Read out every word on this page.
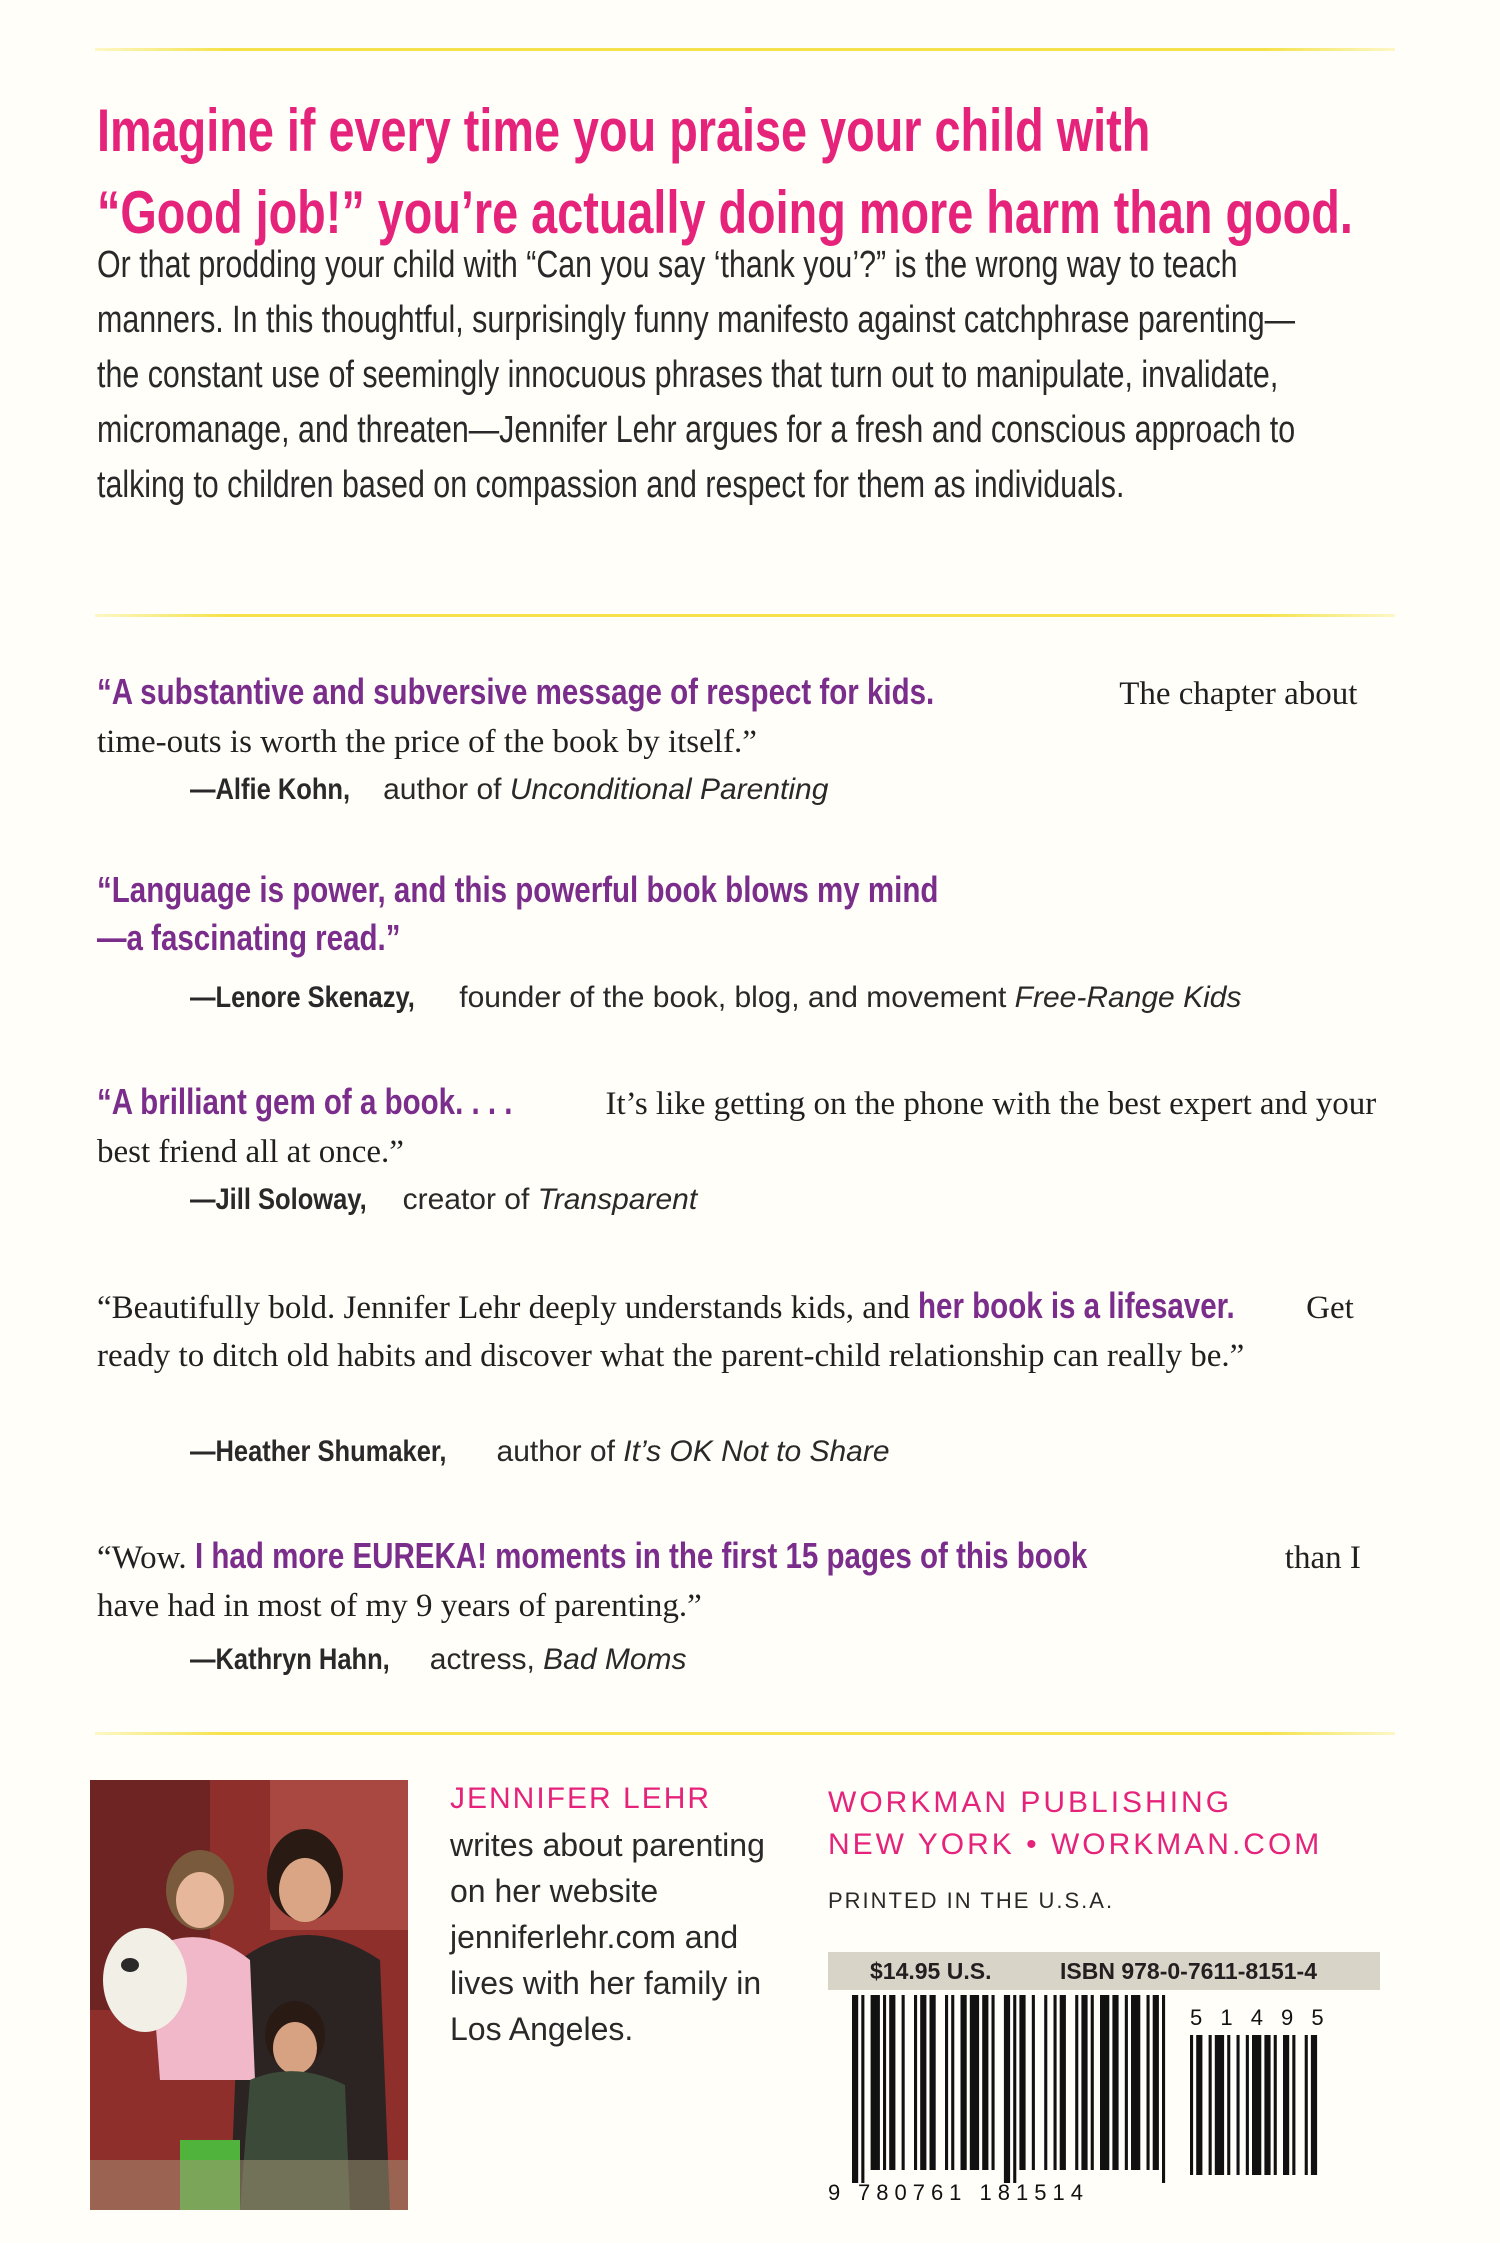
Imagine if every time you praise your child with
“Good job!” you’re actually doing more harm than good.

Or that prodding your child with “Can you say ‘thank you’?” is the wrong way to teach manners. In this thoughtful, surprisingly funny manifesto against catchphrase parenting—the constant use of seemingly innocuous phrases that turn out to manipulate, invalidate, micromanage, and threaten—Jennifer Lehr argues for a fresh and conscious approach to talking to children based on compassion and respect for them as individuals.

“A substantive and subversive message of respect for kids.	The chapter about time-outs is worth the price of the book by itself.”
—Alfie Kohn, author of Unconditional Parenting
“Language is power, and this powerful book blows my mind—a fascinating read.”
—Lenore Skenazy, founder of the book, blog, and movement Free-Range Kids
“A brilliant gem of a book. . . .	It’s like getting on the phone with the best expert and your best friend all at once.”
—Jill Soloway, creator of Transparent
“Beautifully bold. Jennifer Lehr deeply understands kids, and her book is a lifesaver. Get ready to ditch old habits and discover what the parent-child relationship can really be.”
—Heather Shumaker, author of It’s OK Not to Share
“Wow. I had more EUREKA! moments in the first 15 pages of this book	than I have had in most of my 9 years of parenting.”
—Kathryn Hahn, actress, Bad Moms
JENNIFER LEHR
writes about parenting on her website jenniferlehr.com and lives with her family in Los Angeles.
WORKMAN PUBLISHING
NEW YORK • WORKMAN.COM
PRINTED IN THE U.S.A.
$14.95 U.S.	ISBN 978-0-7611-8151-4
9 780761 181514
5 1 4 9 5
